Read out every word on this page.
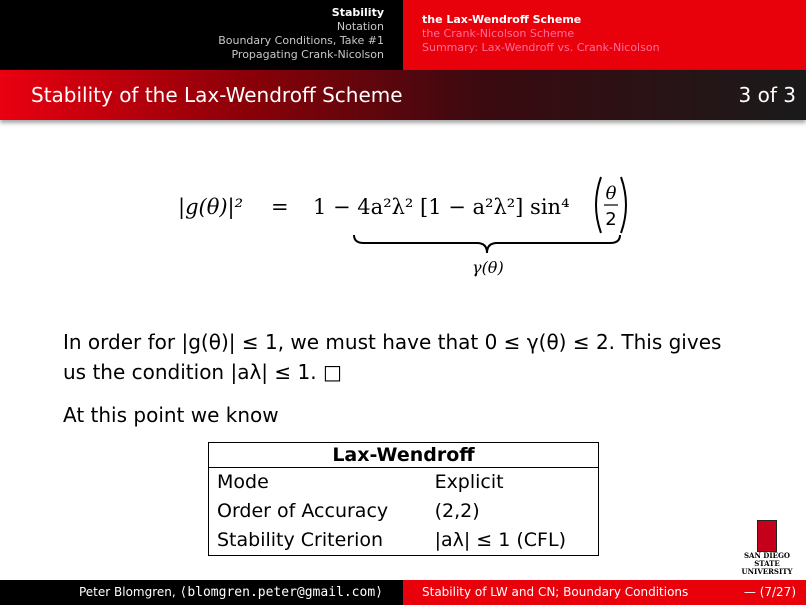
Stability
Notation
Boundary Conditions, Take #1
Propagating Crank-Nicolson
the Lax-Wendroff Scheme
the Crank-Nicolson Scheme
Summary: Lax-Wendroff vs. Crank-Nicolson
Stability of the Lax-Wendroff Scheme	3 of 3
|g(θ)|² = 1 − 4a²λ² [1 − a²λ²] sin⁴
θ
2
γ(θ)
In order for |g(θ)| ≤ 1, we must have that 0 ≤ γ(θ) ≤ 2. This gives us the condition |aλ| ≤ 1. □
At this point we know
Lax-Wendroff	
Mode	Explicit
Order of Accuracy	(2,2)
Stability Criterion	|aλ| ≤ 1 (CFL)
SAN DIEGO STATE
UNIVERSITY
Peter Blomgren, ⟨blomgren.peter@gmail.com⟩	Stability of LW and CN; Boundary Conditions	— (7/27)
